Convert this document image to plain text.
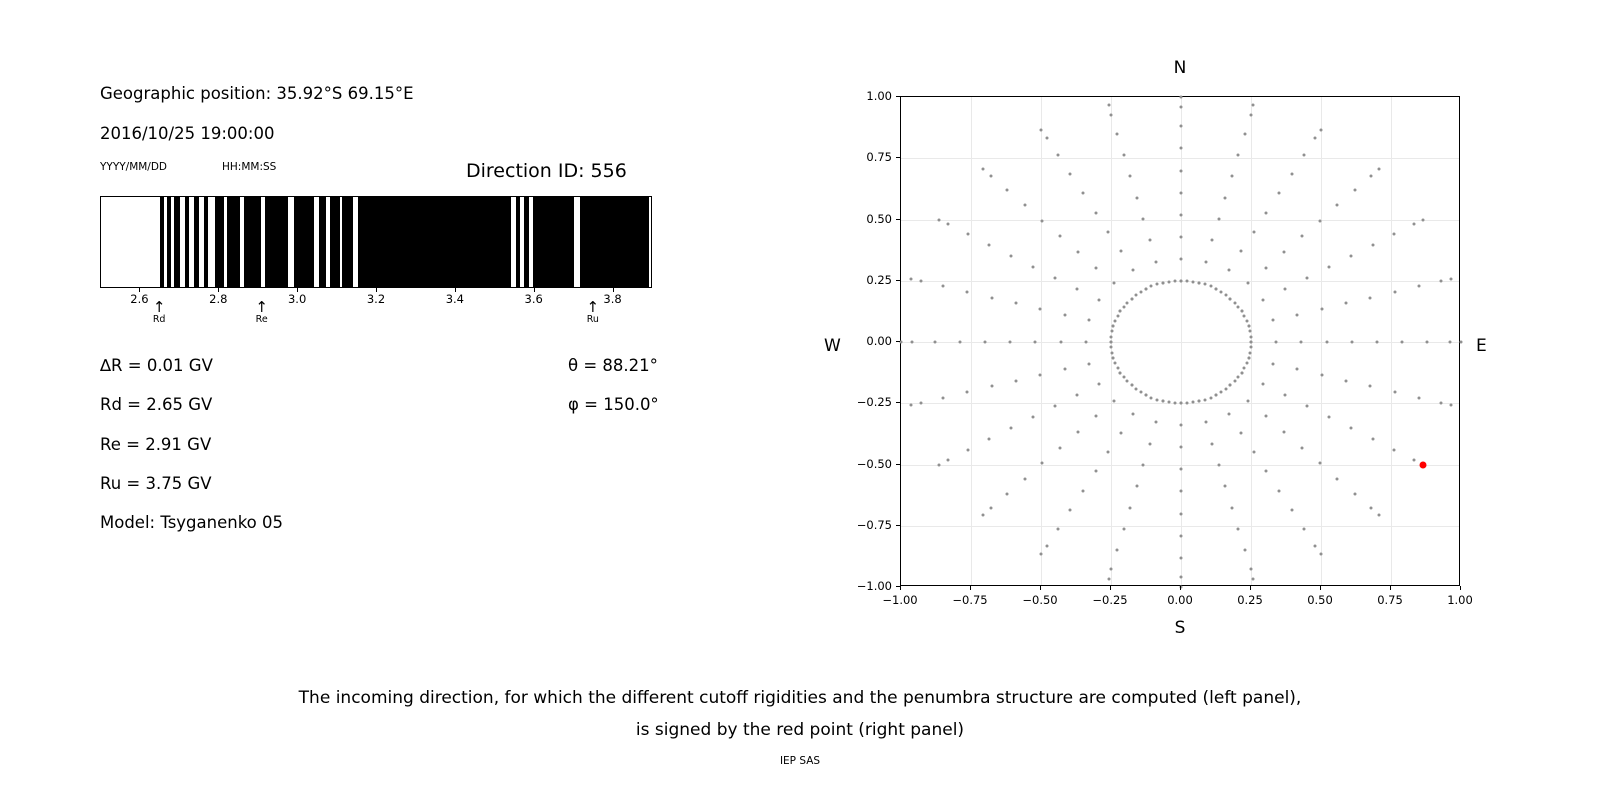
Geographic position: 35.92°S 69.15°E
2016/10/25 19:00:00
YYYY/MM/DD	HH:MM:SS	Direction ID: 556
2.6	2.8	3.0	3.2	3.4	3.6	3.8
↑
Rd
↑
Re
↑
Ru
∆R = 0.01 GV
Rd = 2.65 GV
Re = 2.91 GV
Ru = 3.75 GV
Model: Tsyganenko 05
θ = 88.21°
φ = 150.0°
N
S
W	E
−1.00	−0.75	−0.50	−0.25	0.00	0.25	0.50	0.75	1.00
−1.00
−0.75
−0.50
−0.25
0.00
0.25
0.50
0.75
1.00
The incoming direction, for which the different cutoff rigidities and the penumbra structure are computed (left panel),
is signed by the red point (right panel)
IEP SAS
